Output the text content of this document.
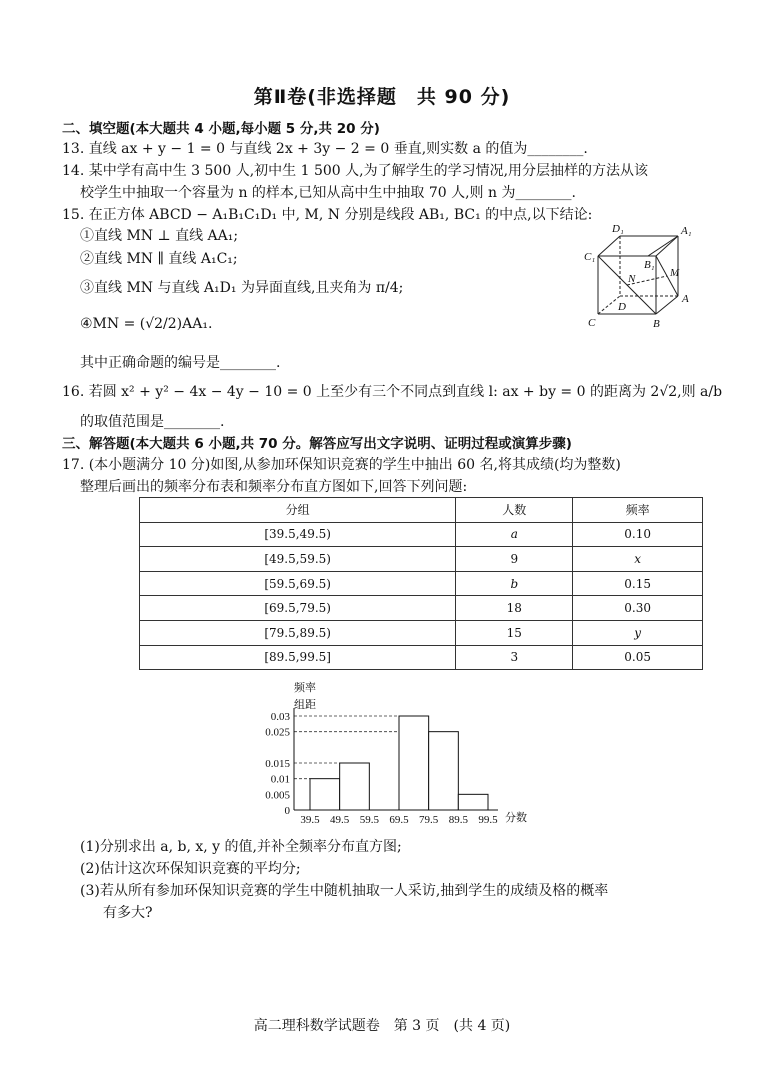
第Ⅱ卷(非选择题　共 90 分)
二、填空题(本大题共 4 小题,每小题 5 分,共 20 分)
13. 直线 ax + y − 1 = 0 与直线 2x + 3y − 2 = 0 垂直,则实数 a 的值为________.
14. 某中学有高中生 3 500 人,初中生 1 500 人,为了解学生的学习情况,用分层抽样的方法从该
校学生中抽取一个容量为 n 的样本,已知从高中生中抽取 70 人,则 n 为________.
15. 在正方体 ABCD − A₁B₁C₁D₁ 中, M, N 分别是线段 AB₁, BC₁ 的中点,以下结论:
①直线 MN ⊥ 直线 AA₁;
②直线 MN ∥ 直线 A₁C₁;
③直线 MN 与直线 A₁D₁ 为异面直线,且夹角为 π/4;
④MN = (√2/2)AA₁.
其中正确命题的编号是________.
D₁	A₁
C₁
B₁
M
N
D
A
C	B
16. 若圆 x² + y² − 4x − 4y − 10 = 0 上至少有三个不同点到直线 l: ax + by = 0 的距离为 2√2,则 a/b
的取值范围是________.
三、解答题(本大题共 6 小题,共 70 分。解答应写出文字说明、证明过程或演算步骤)
17. (本小题满分 10 分)如图,从参加环保知识竞赛的学生中抽出 60 名,将其成绩(均为整数)
整理后画出的频率分布表和频率分布直方图如下,回答下列问题:
分组	人数	频率
[39.5,49.5)	a	0.10
[49.5,59.5)	9	x
[59.5,69.5)	b	0.15
[69.5,79.5)	18	0.30
[79.5,89.5)	15	y
[89.5,99.5]	3	0.05
0
0.005
0.01
0.015
0.025
0.03
39.5 49.5 59.5 69.5 79.5 89.5 99.5
频率
组距
分数
(1)分别求出 a, b, x, y 的值,并补全频率分布直方图;
(2)估计这次环保知识竞赛的平均分;
(3)若从所有参加环保知识竞赛的学生中随机抽取一人采访,抽到学生的成绩及格的概率
有多大?
高二理科数学试题卷　第 3 页　(共 4 页)
